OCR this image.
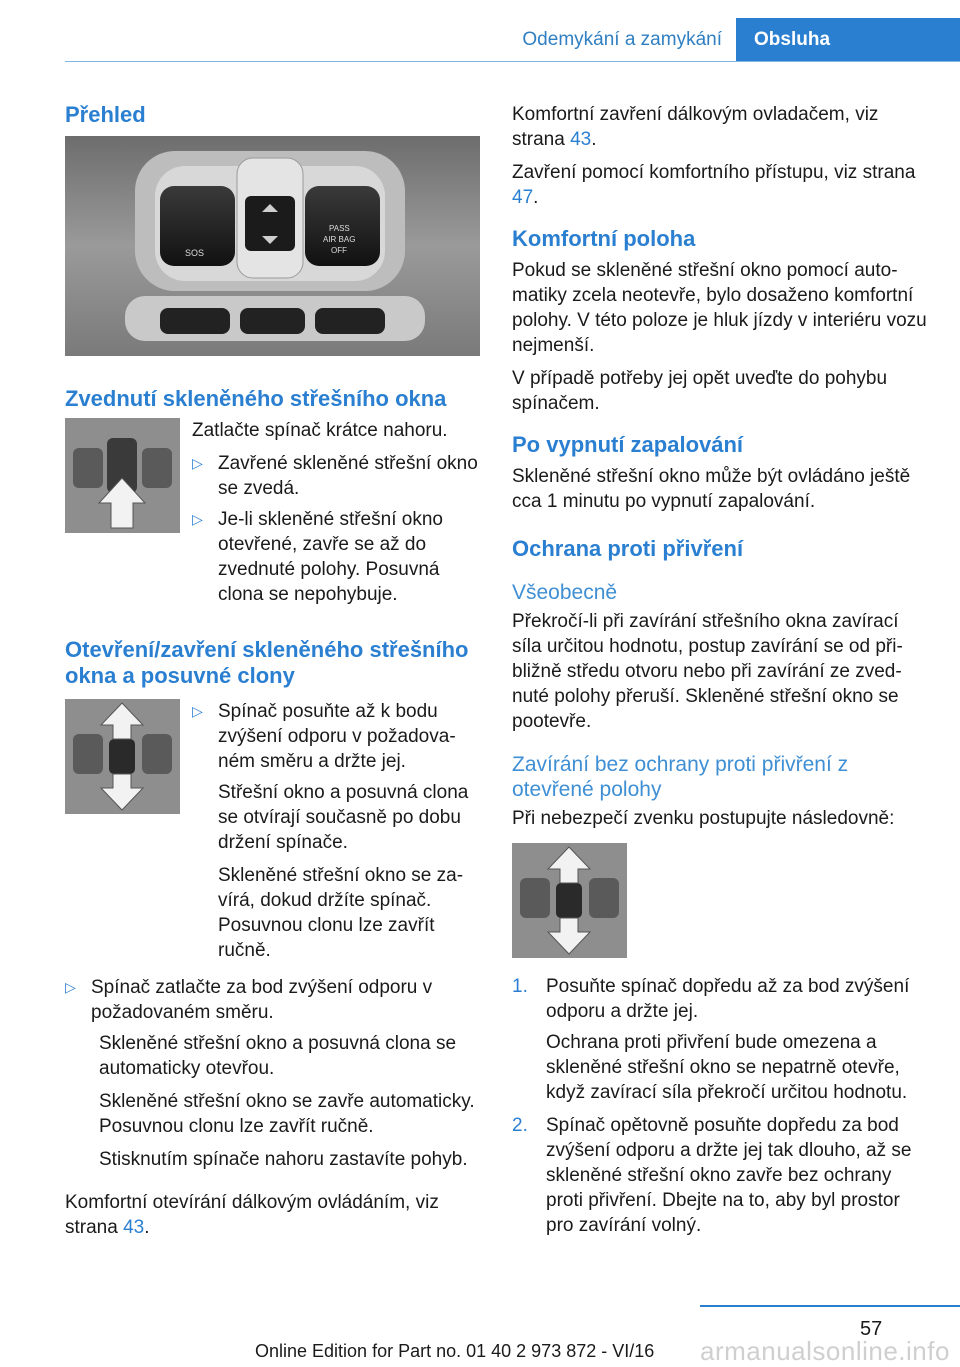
Odemykání a zamykání	Obsluha
Přehled
SOS
PASS
AIR BAG
OFF
Zvednutí skleněného střešního okna

Zatlačte spínač krátce nahoru.

▷ Zavřené skleněné střešní okno se zvedá.
▷ Je-li skleněné střešní okno otevřené, zavře se až do zvednuté polohy. Posuvná clona se nepohybuje.
Otevření/zavření skleněného střešního okna a posuvné clony
▷ Spínač posuňte až k bodu zvýšení odporu v požadovaném směru a držte jej.

Střešní okno a posuvná clona se otvírají současně po dobu držení spínače.

Skleněné střešní okno se zavírá, dokud držíte spínač. Posuvnou clonu lze zavřít ručně.

▷ Spínač zatlačte za bod zvýšení odporu v požadovaném směru.

Skleněné střešní okno a posuvná clona se automaticky otevřou.

Skleněné střešní okno se zavře automaticky. Posuvnou clonu lze zavřít ručně.

Stisknutím spínače nahoru zastavíte pohyb.

Komfortní otevírání dálkovým ovládáním, viz strana 43.

Komfortní zavření dálkovým ovladačem, viz strana 43.

Zavření pomocí komfortního přístupu, viz strana 47.

Komfortní poloha

Pokud se skleněné střešní okno pomocí automatiky zcela neotevře, bylo dosaženo komfortní polohy. V této poloze je hluk jízdy v interiéru vozu nejmenší.

V případě potřeby jej opět uveďte do pohybu spínačem.

Po vypnutí zapalování

Skleněné střešní okno může být ovládáno ještě cca 1 minutu po vypnutí zapalování.

Ochrana proti přivření
Všeobecně

Překročí-li při zavírání střešního okna zavírací síla určitou hodnotu, postup zavírání se od přibližně středu otvoru nebo při zavírání ze zvednuté polohy přeruší. Skleněné střešní okno se pootevře.

Zavírání bez ochrany proti přivření z otevřené polohy

Při nebezpečí zvenku postupujte následovně:

1. Posuňte spínač dopředu až za bod zvýšení odporu a držte jej.

Ochrana proti přivření bude omezena a skleněné střešní okno se nepatrně otevře, když zavírací síla překročí určitou hodnotu.

2. Spínač opětovně posuňte dopředu za bod zvýšení odporu a držte jej tak dlouho, až se skleněné střešní okno zavře bez ochrany proti přivření. Dbejte na to, aby byl prostor pro zavírání volný.
57
armanualsonline.info
Online Edition for Part no. 01 40 2 973 872 - VI/16
